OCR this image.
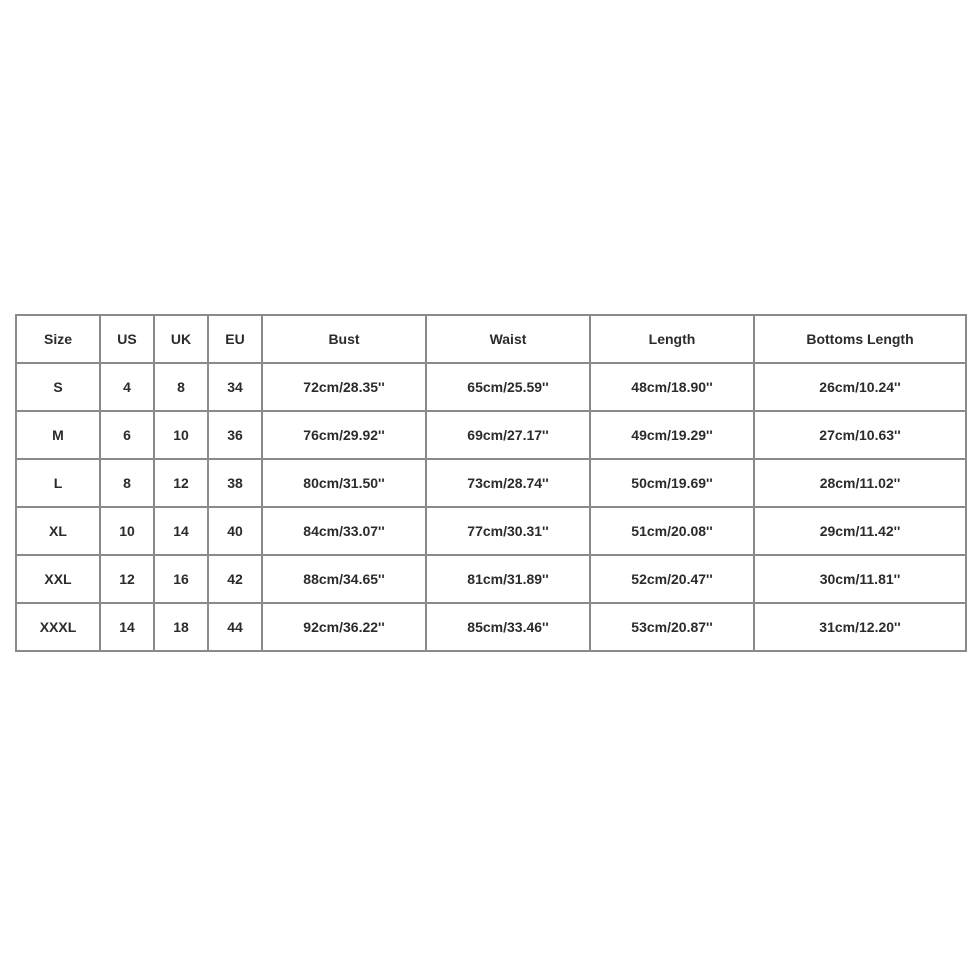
Size	US	UK	EU	Bust	Waist	Length	Bottoms Length
S	4	8	34	72cm/28.35''	65cm/25.59''	48cm/18.90''	26cm/10.24''
M	6	10	36	76cm/29.92''	69cm/27.17''	49cm/19.29''	27cm/10.63''
L	8	12	38	80cm/31.50''	73cm/28.74''	50cm/19.69''	28cm/11.02''
XL	10	14	40	84cm/33.07''	77cm/30.31''	51cm/20.08''	29cm/11.42''
XXL	12	16	42	88cm/34.65''	81cm/31.89''	52cm/20.47''	30cm/11.81''
XXXL	14	18	44	92cm/36.22''	85cm/33.46''	53cm/20.87''	31cm/12.20''
